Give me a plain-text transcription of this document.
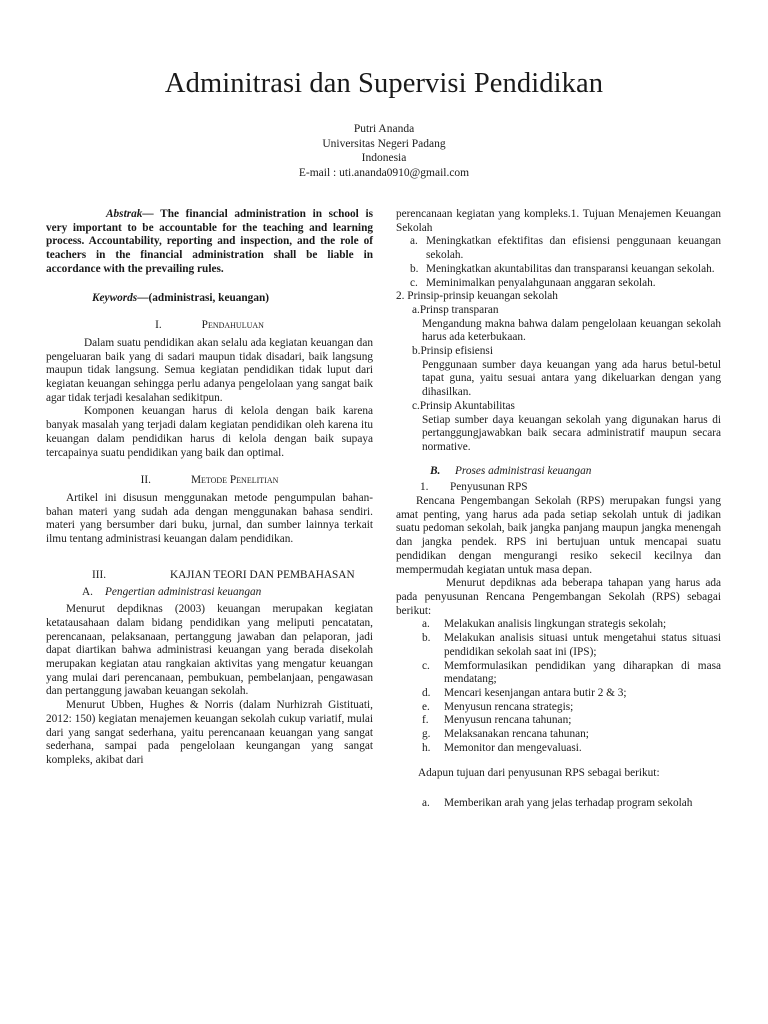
Adminitrasi dan Supervisi Pendidikan
Putri Ananda
Universitas Negeri Padang
Indonesia
E-mail : uti.ananda0910@gmail.com

Abstrak— The financial administration in school is very important to be accountable for the teaching and learning process. Accountability, reporting and inspection, and the role of teachers in the financial administration shall be liable in accordance with the prevailing rules.

Keywords—(administrasi, keuangan)

I.	Pendahuluan

Dalam suatu pendidikan akan selalu ada kegiatan keuangan dan pengeluaran baik yang di sadari maupun tidak disadari, baik langsung maupun tidak langsung. Semua kegiatan pendidikan tidak luput dari kegiatan keuangan sehingga perlu adanya pengelolaan yang sangat baik agar tidak terjadi kesalahan sedikitpun.

Komponen keuangan harus di kelola dengan baik karena banyak masalah yang terjadi dalam kegiatan pendidikan oleh karena itu keuangan dalam pendidikan harus di kelola dengan baik supaya tercapainya suatu pendidikan yang baik dan optimal.

II.	Metode Penelitian

Artikel ini disusun menggunakan metode pengumpulan bahan-bahan materi yang sudah ada dengan menggunakan bahasa sendiri. materi yang bersumber dari buku, jurnal, dan sumber lainnya terkait ilmu tentang administrasi keuangan dalam pendidikan.

III.	KAJIAN TEORI DAN PEMBAHASAN
A. Pengertian administrasi keuangan

Menurut depdiknas (2003) keuangan merupakan kegiatan ketatausahaan dalam bidang pendidikan yang meliputi pencatatan, perencanaan, pelaksanaan, pertanggung jawaban dan pelaporan, jadi dapat diartikan bahwa administrasi keuangan yang berada disekolah merupakan kegiatan atau rangkaian aktivitas yang mengatur keuangan yang mulai dari perencanaan, pembukuan, pembelanjaan, pengawasan dan pertanggung jawaban keuangan sekolah.

Menurut Ubben, Hughes & Norris (dalam Nurhizrah Gistituati, 2012: 150) kegiatan menajemen keuangan sekolah cukup variatif, mulai dari yang sangat sederhana, yaitu perencanaan keuangan yang sangat sederhana, sampai pada pengelolaan keungangan yang sangat kompleks, akibat dari

perencanaan kegiatan yang kompleks.1. Tujuan Menajemen Keuangan Sekolah

a. Meningkatkan efektifitas dan efisiensi penggunaan keuangan sekolah.
b. Meningkatkan akuntabilitas dan transparansi keuangan sekolah.
c. Meminimalkan penyalahgunaan anggaran sekolah.

2. Prinsip-prinsip keuangan sekolah

a.Prinsp transparan
Mengandung makna bahwa dalam pengelolaan keuangan sekolah harus ada keterbukaan.
b.Prinsip efisiensi
Penggunaan sumber daya keuangan yang ada harus betul-betul tapat guna, yaitu sesuai antara yang dikeluarkan dengan yang dihasilkan.
c.Prinsip Akuntabilitas
Setiap sumber daya keuangan sekolah yang digunakan harus di pertanggungjawabkan baik secara administratif maupun secara normative.
B. Proses administrasi keuangan
1.	Penyusunan RPS

Rencana Pengembangan Sekolah (RPS) merupakan fungsi yang amat penting, yang harus ada pada setiap sekolah untuk di jadikan suatu pedoman sekolah, baik jangka panjang maupun jangka menengah dan jangka pendek. RPS ini bertujuan untuk mencapai suatu pendidikan dengan mengurangi resiko sekecil kecilnya dan mempermudah kegiatan untuk masa depan.

Menurut depdiknas ada beberapa tahapan yang harus ada pada penyusunan Rencana Pengembangan Sekolah (RPS) sebagai berikut:

a.	Melakukan analisis lingkungan strategis sekolah;
b.	Melakukan analisis situasi untuk mengetahui status situasi pendidikan sekolah saat ini (IPS);
c.	Memformulasikan pendidikan yang diharapkan di masa mendatang;
d.	Mencari kesenjangan antara butir 2 & 3;
e.	Menyusun rencana strategis;
f.	Menyusun rencana tahunan;
g.	Melaksanakan rencana tahunan;
h.	Memonitor dan mengevaluasi.

Adapun tujuan dari penyusunan RPS sebagai berikut:

a.	Memberikan arah yang jelas terhadap program sekolah
